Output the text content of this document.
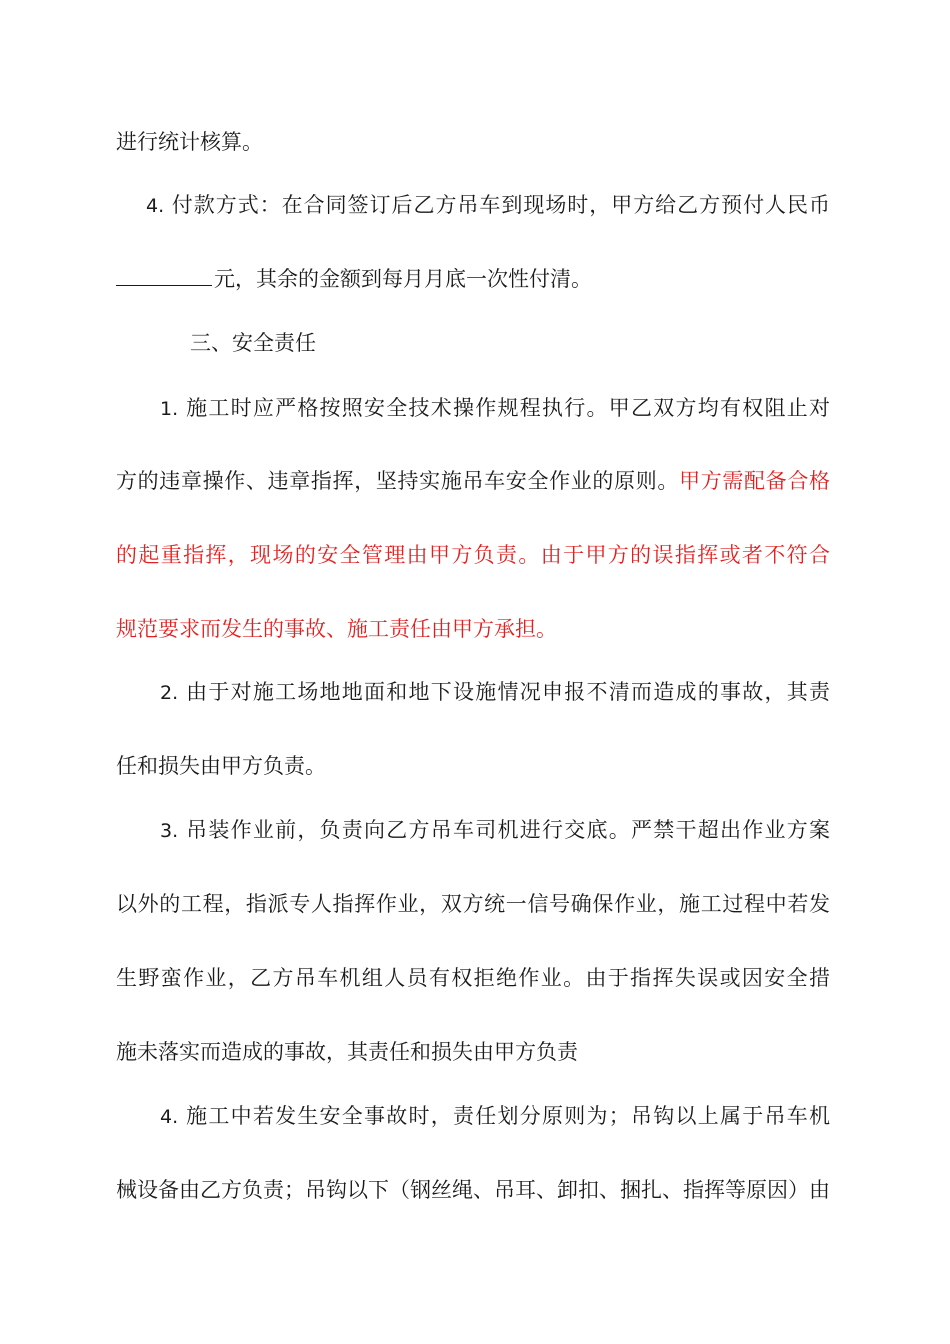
进行统计核算。
4. 付款方式：在合同签订后乙方吊车到现场时，甲方给乙方预付人民币
元，其余的金额到每月月底一次性付清。
三、安全责任
1. 施工时应严格按照安全技术操作规程执行。甲乙双方均有权阻止对
方的违章操作、违章指挥，坚持实施吊车安全作业的原则。甲方需配备合格
的起重指挥，现场的安全管理由甲方负责。由于甲方的误指挥或者不符合
规范要求而发生的事故、施工责任由甲方承担。
2. 由于对施工场地地面和地下设施情况申报不清而造成的事故，其责
任和损失由甲方负责。
3. 吊装作业前，负责向乙方吊车司机进行交底。严禁干超出作业方案
以外的工程，指派专人指挥作业，双方统一信号确保作业，施工过程中若发
生野蛮作业，乙方吊车机组人员有权拒绝作业。由于指挥失误或因安全措
施未落实而造成的事故，其责任和损失由甲方负责
4. 施工中若发生安全事故时，责任划分原则为；吊钩以上属于吊车机
械设备由乙方负责；吊钩以下（钢丝绳、吊耳、卸扣、捆扎、指挥等原因）由
